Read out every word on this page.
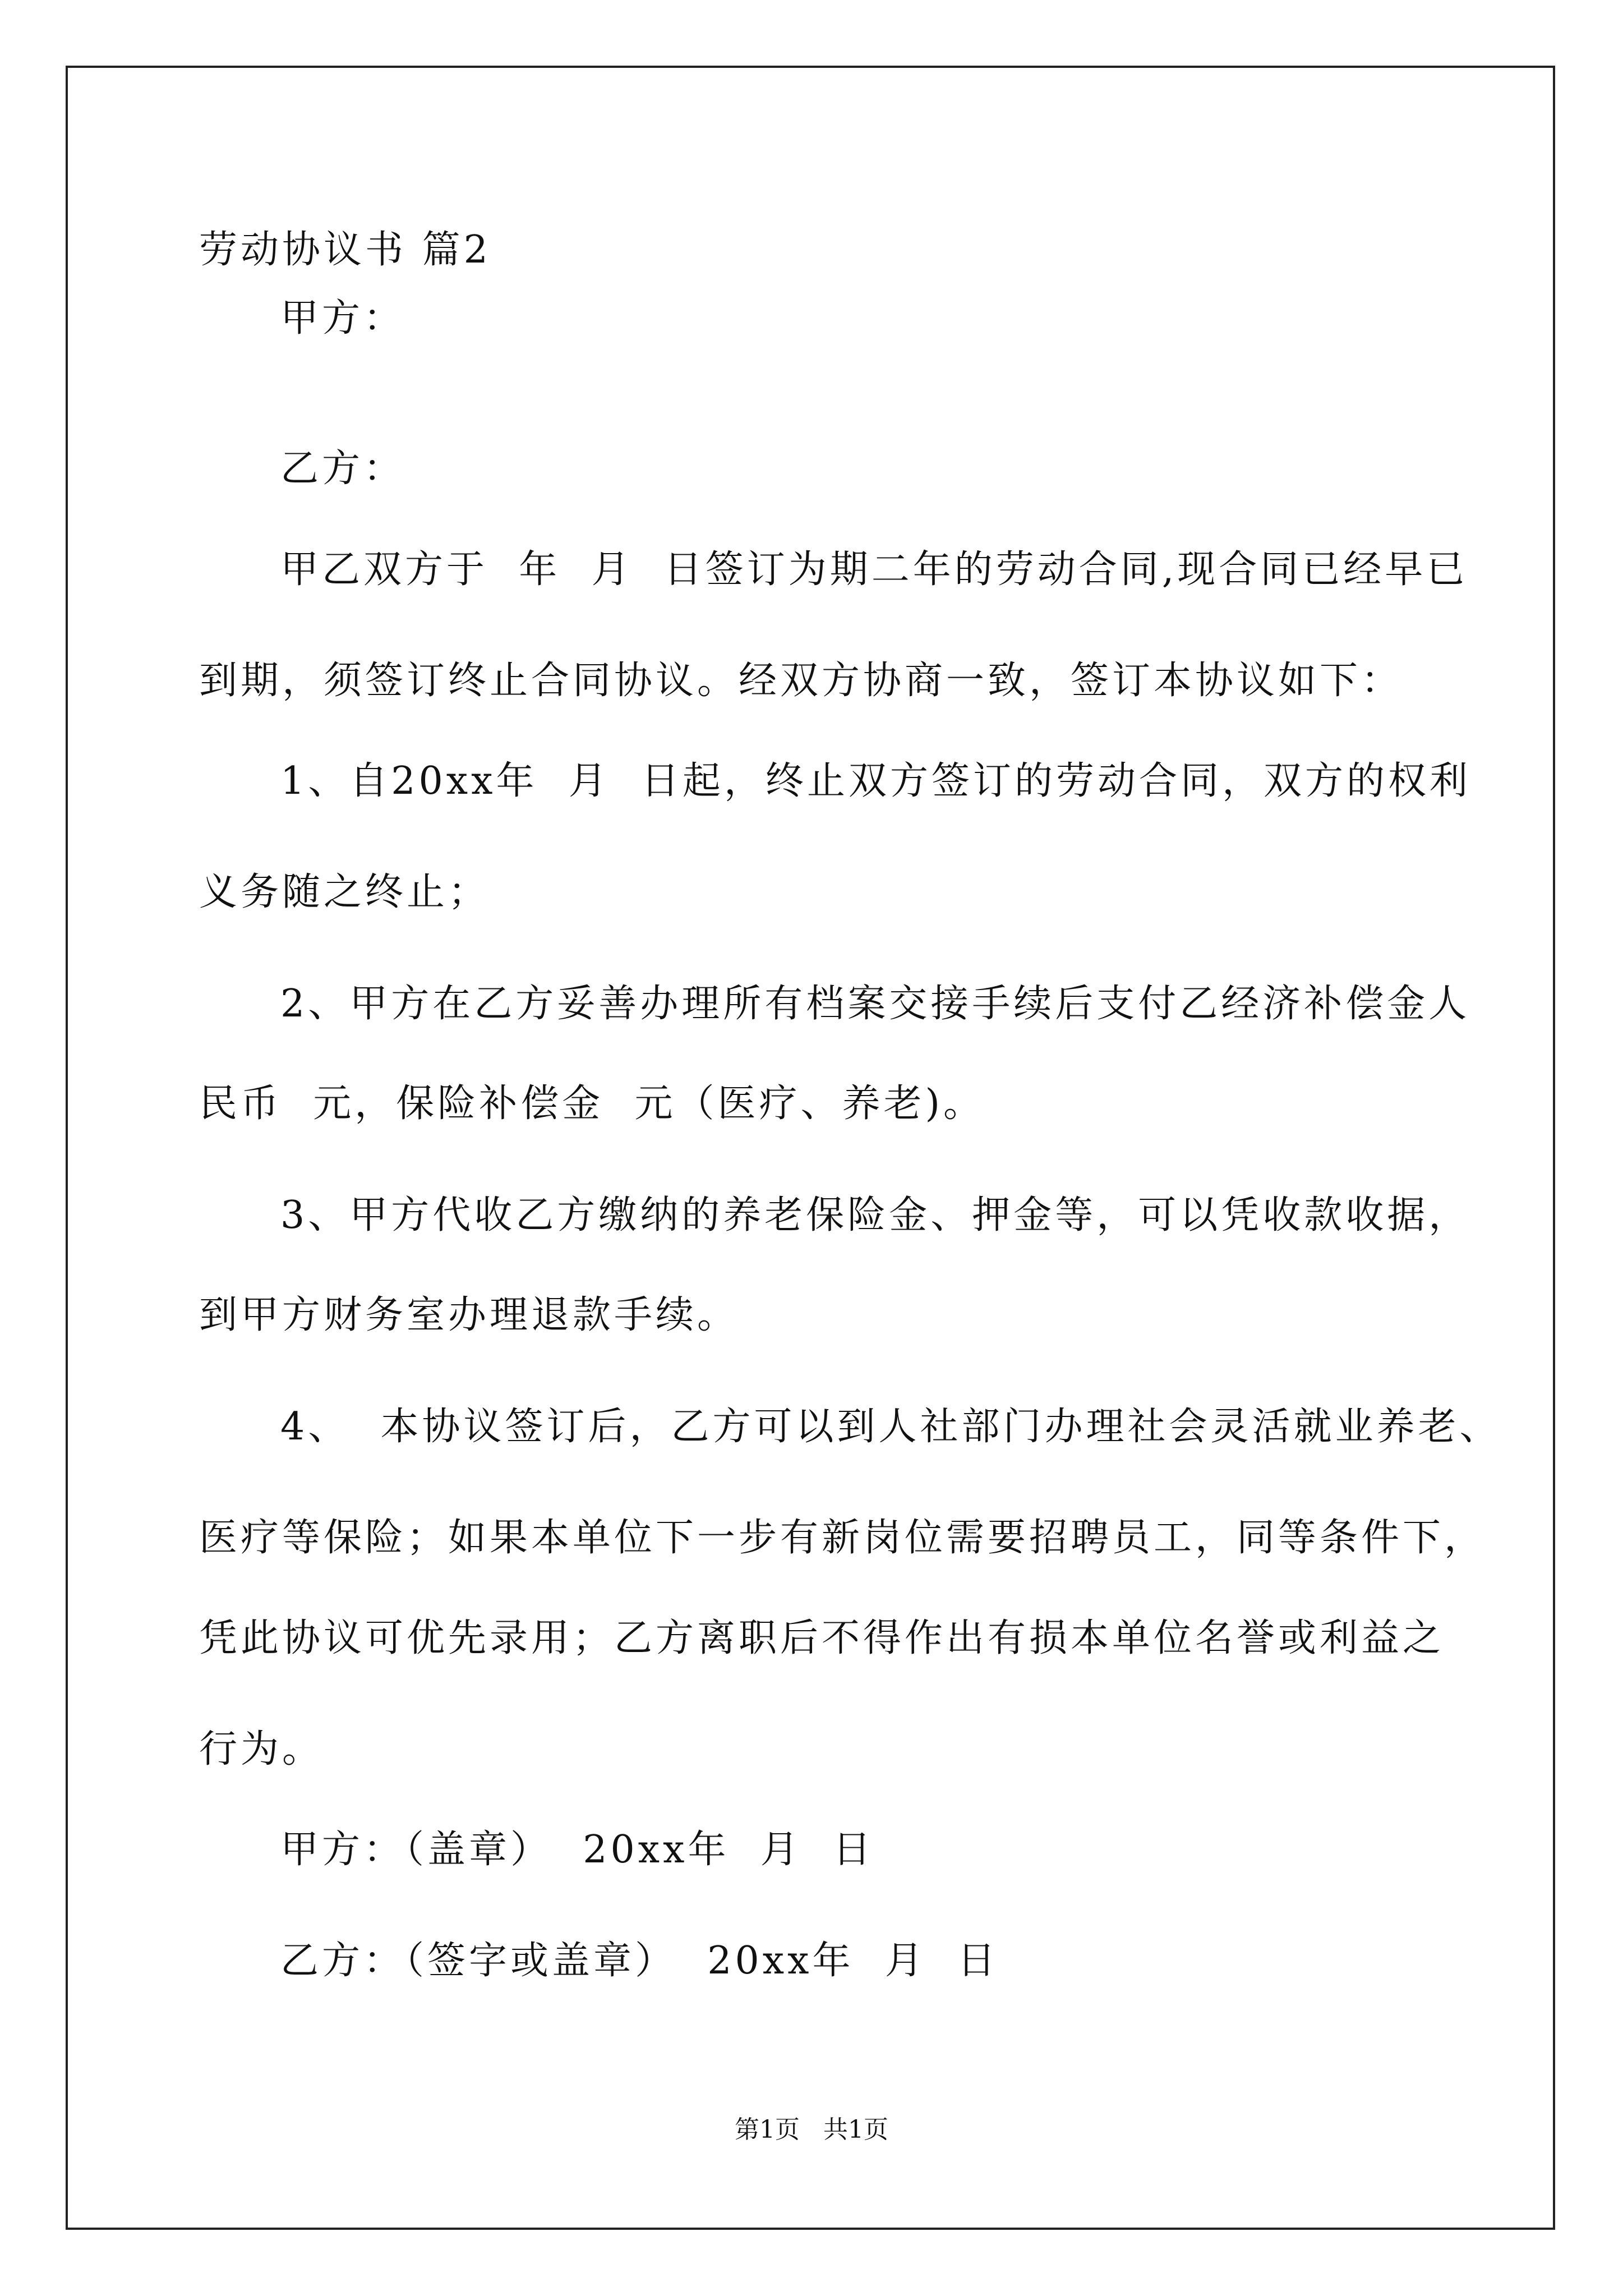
劳动协议书 篇2
甲方：
乙方：
甲乙双方于  年  月  日签订为期二年的劳动合同,现合同已经早已
到期，须签订终止合同协议。经双方协商一致，签订本协议如下：
1、自20xx年  月  日起，终止双方签订的劳动合同，双方的权利
义务随之终止；
2、甲方在乙方妥善办理所有档案交接手续后支付乙经济补偿金人
民币  元，保险补偿金  元（医疗、养老)。
3、甲方代收乙方缴纳的养老保险金、押金等，可以凭收款收据，
到甲方财务室办理退款手续。
4、  本协议签订后，乙方可以到人社部门办理社会灵活就业养老、
医疗等保险；如果本单位下一步有新岗位需要招聘员工，同等条件下，
凭此协议可优先录用；乙方离职后不得作出有损本单位名誉或利益之
行为。
甲方：（盖章）  20xx年  月  日
乙方：（签字或盖章）  20xx年  月  日
第1页   共1页
